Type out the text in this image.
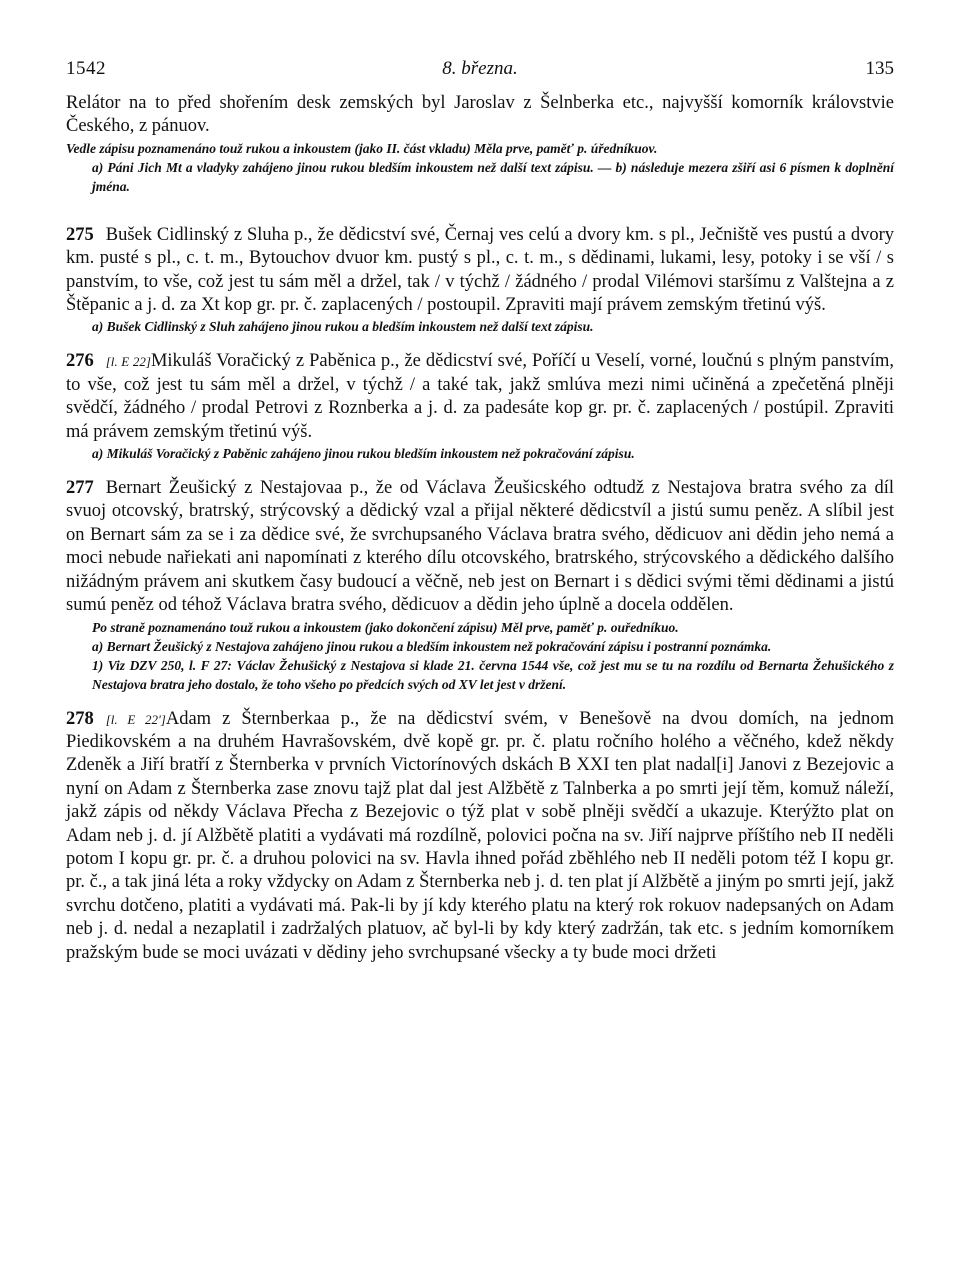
1542	8. března.	135

Relátor na to před shořením desk zemských byl Jaroslav z Šelnberka etc., najvyšší komorník královstvie Českého, z pánuov.

Vedle zápisu poznamenáno touž rukou a inkoustem (jako II. část vkladu) Měla prve, paměť p. úředníkuov.

a) Páni Jich Mt a vladyky zahájeno jinou rukou bledším inkoustem než další text zápisu. — b) následuje mezera zšiří asi 6 písmen k doplnění jména.

275 Bušek Cidlinský z Sluha p., že dědicství své, Černaj ves celú a dvory km. s pl., Ječniště ves pustú a dvory km. pusté s pl., c. t. m., Bytouchov dvuor km. pustý s pl., c. t. m., s dědinami, lukami, lesy, potoky i se vší / s panstvím, to vše, což jest tu sám měl a držel, tak / v týchž / žádného / prodal Vilémovi staršímu z Valštejna a z Štěpanic a j. d. za Xt kop gr. pr. č. zaplacených / postoupil. Zpraviti mají právem zemským třetinú výš.

a) Bušek Cidlinský z Sluh zahájeno jinou rukou a bledším inkoustem než další text zápisu.

276 [l. E 22]Mikuláš Voračický z Paběnica p., že dědicství své, Poříčí u Veselí, vorné, loučnú s plným panstvím, to vše, což jest tu sám měl a držel, v týchž / a také tak, jakž smlúva mezi nimi učiněná a zpečetěná plněji svědčí, žádného / prodal Petrovi z Roznberka a j. d. za padesáte kop gr. pr. č. zaplacených / postúpil. Zpraviti má právem zemským třetinú výš.

a) Mikuláš Voračický z Paběnic zahájeno jinou rukou bledším inkoustem než pokračování zápisu.

277 Bernart Žeušický z Nestajovaa p., že od Václava Žeušicského odtudž z Nestajova bratra svého za díl svuoj otcovský, bratrský, strýcovský a dědický vzal a přijal některé dědicstvíl a jistú sumu peněz. A slíbil jest on Bernart sám za se i za dědice své, že svrchupsaného Václava bratra svého, dědicuov ani dědin jeho nemá a moci nebude nařiekati ani napomínati z kterého dílu otcovského, bratrského, strýcovského a dědického dalšího nižádným právem ani skutkem časy budoucí a věčně, neb jest on Bernart i s dědici svými těmi dědinami a jistú sumú peněz od téhož Václava bratra svého, dědicuov a dědin jeho úplně a docela oddělen.

Po straně poznamenáno touž rukou a inkoustem (jako dokončení zápisu) Měl prve, paměť p. ouředníkuo.

a) Bernart Žeušický z Nestajova zahájeno jinou rukou a bledším inkoustem než pokračování zápisu i postranní poznámka.

1) Viz DZV 250, l. F 27: Václav Žehušický z Nestajova si klade 21. června 1544 vše, což jest mu se tu na rozdílu od Bernarta Žehušického z Nestajova bratra jeho dostalo, že toho všeho po předcích svých od XV let jest v držení.

278 [l. E 22']Adam z Šternberkaa p., že na dědicství svém, v Benešově na dvou domích, na jednom Piedikovském a na druhém Havrašovském, dvě kopě gr. pr. č. platu ročního holého a věčného, kdež někdy Zdeněk a Jiří bratří z Šternberka v prvních Victorínových dskách B XXI ten plat nadal[i] Janovi z Bezejovic a nyní on Adam z Šternberka zase znovu tajž plat dal jest Alžbětě z Talnberka a po smrti její těm, komuž náleží, jakž zápis od někdy Václava Přecha z Bezejovic o týž plat v sobě plněji svědčí a ukazuje. Kterýžto plat on Adam neb j. d. jí Alžbětě platiti a vydávati má rozdílně, polovici počna na sv. Jiří najprve příštího neb II neděli potom I kopu gr. pr. č. a druhou polovici na sv. Havla ihned pořád zběhlého neb II neděli potom též I kopu gr. pr. č., a tak jiná léta a roky vždycky on Adam z Šternberka neb j. d. ten plat jí Alžbětě a jiným po smrti její, jakž svrchu dotčeno, platiti a vydávati má. Pak-li by jí kdy kterého platu na který rok rokuov nadepsaných on Adam neb j. d. nedal a nezaplatil i zadržalých platuov, ač byl-li by kdy který zadržán, tak etc. s jedním komorníkem pražským bude se moci uvázati v dědiny jeho svrchupsané všecky a ty bude moci držeti
